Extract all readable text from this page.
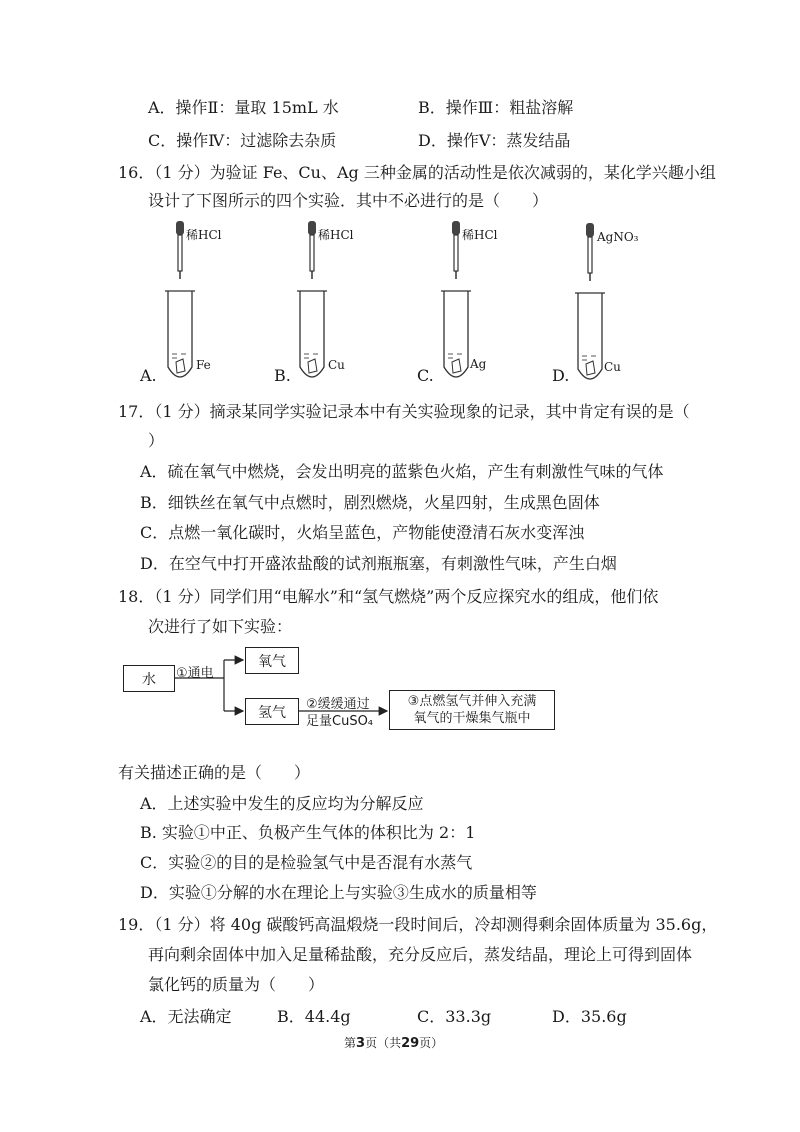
A．操作Ⅱ：量取 15mL 水	B．操作Ⅲ：粗盐溶解
C．操作Ⅳ：过滤除去杂质	D．操作Ⅴ：蒸发结晶
16．（1 分）为验证 Fe、Cu、Ag 三种金属的活动性是依次减弱的，某化学兴趣小组
设计了下图所示的四个实验．其中不必进行的是（　　）
稀HCl	稀HCl	稀HCl	AgNO₃
Fe	Cu	Ag	Cu
A.	B.	C.	D.
17．（1 分）摘录某同学实验记录本中有关实验现象的记录，其中肯定有误的是（
）
A．硫在氧气中燃烧，会发出明亮的蓝紫色火焰，产生有刺激性气味的气体
B．细铁丝在氧气中点燃时，剧烈燃烧，火星四射，生成黑色固体
C．点燃一氧化碳时，火焰呈蓝色，产物能使澄清石灰水变浑浊
D．在空气中打开盛浓盐酸的试剂瓶瓶塞，有刺激性气味，产生白烟
18．（1 分）同学们用“电解水”和“氢气燃烧”两个反应探究水的组成，他们依
次进行了如下实验：
水	①通电
氧气
氢气	②缓缓通过
足量CuSO₄
③点燃氢气并伸入充满
氧气的干燥集气瓶中
有关描述正确的是（　　）
A．上述实验中发生的反应均为分解反应
B. 实验①中正、负极产生气体的体积比为 2：1
C．实验②的目的是检验氢气中是否混有水蒸气
D．实验①分解的水在理论上与实验③生成水的质量相等
19．（1 分）将 40g 碳酸钙高温煅烧一段时间后，冷却测得剩余固体质量为 35.6g，
再向剩余固体中加入足量稀盐酸，充分反应后，蒸发结晶，理论上可得到固体
氯化钙的质量为（　　）
A．无法确定	B．44.4g	C．33.3g	D．35.6g
第3页（共29页）
